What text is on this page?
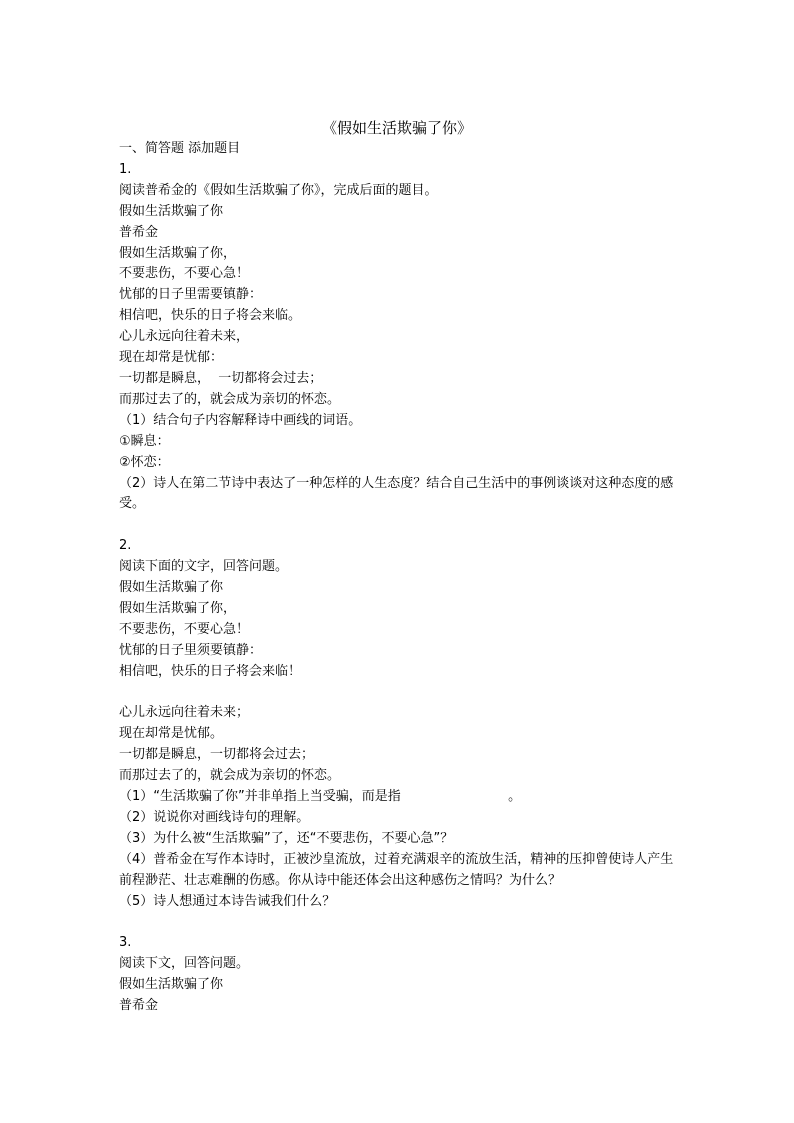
《假如生活欺骗了你》
一、简答题 添加题目
1.
阅读普希金的《假如生活欺骗了你》，完成后面的题目。
假如生活欺骗了你
普希金
假如生活欺骗了你，
不要悲伤，不要心急！
忧郁的日子里需要镇静：
相信吧，快乐的日子将会来临。
心儿永远向往着未来，
现在却常是忧郁：
一切都是瞬息，  一切都将会过去；
而那过去了的，就会成为亲切的怀恋。
（1）结合句子内容解释诗中画线的词语。
①瞬息：
②怀恋：
（2）诗人在第二节诗中表达了一种怎样的人生态度？结合自己生活中的事例谈谈对这种态度的感受。
2.
阅读下面的文字，回答问题。
假如生活欺骗了你
假如生活欺骗了你，
不要悲伤，不要心急！
忧郁的日子里须要镇静：
相信吧，快乐的日子将会来临！
心儿永远向往着未来；
现在却常是忧郁。
一切都是瞬息，一切都将会过去；
而那过去了的，就会成为亲切的怀恋。
（1）“生活欺骗了你”并非单指上当受骗，而是指                          。
（2）说说你对画线诗句的理解。
（3）为什么被“生活欺骗”了，还“不要悲伤，不要心急”？
（4）普希金在写作本诗时，正被沙皇流放，过着充满艰辛的流放生活，精神的压抑曾使诗人产生前程渺茫、壮志难酬的伤感。你从诗中能还体会出这种感伤之情吗？为什么？
（5）诗人想通过本诗告诫我们什么？
3.
阅读下文，回答问题。
假如生活欺骗了你
普希金
